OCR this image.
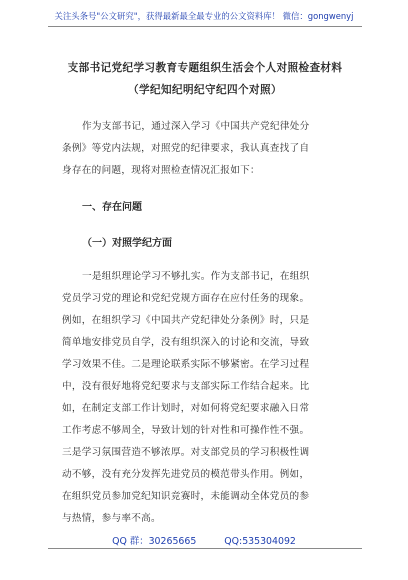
关注头条号"公文研究"，获得最新最全最专业的公文资料库！ 微信：gongwenyj
支部书记党纪学习教育专题组织生活会个人对照检查材料
（学纪知纪明纪守纪四个对照）
作为支部书记，通过深入学习《中国共产党纪律处分
条例》等党内法规，对照党的纪律要求，我认真查找了自
身存在的问题，现将对照检查情况汇报如下：
一、存在问题
（一）对照学纪方面
一是组织理论学习不够扎实。作为支部书记，在组织
党员学习党的理论和党纪党规方面存在应付任务的现象。
例如，在组织学习《中国共产党纪律处分条例》时，只是
简单地安排党员自学，没有组织深入的讨论和交流，导致
学习效果不佳。二是理论联系实际不够紧密。在学习过程
中，没有很好地将党纪要求与支部实际工作结合起来。比
如，在制定支部工作计划时，对如何将党纪要求融入日常
工作考虑不够周全，导致计划的针对性和可操作性不强。
三是学习氛围营造不够浓厚。对支部党员的学习积极性调
动不够，没有充分发挥先进党员的模范带头作用。例如，
在组织党员参加党纪知识竞赛时，未能调动全体党员的参
与热情，参与率不高。
QQ 群：30265665	QQ:535304092
